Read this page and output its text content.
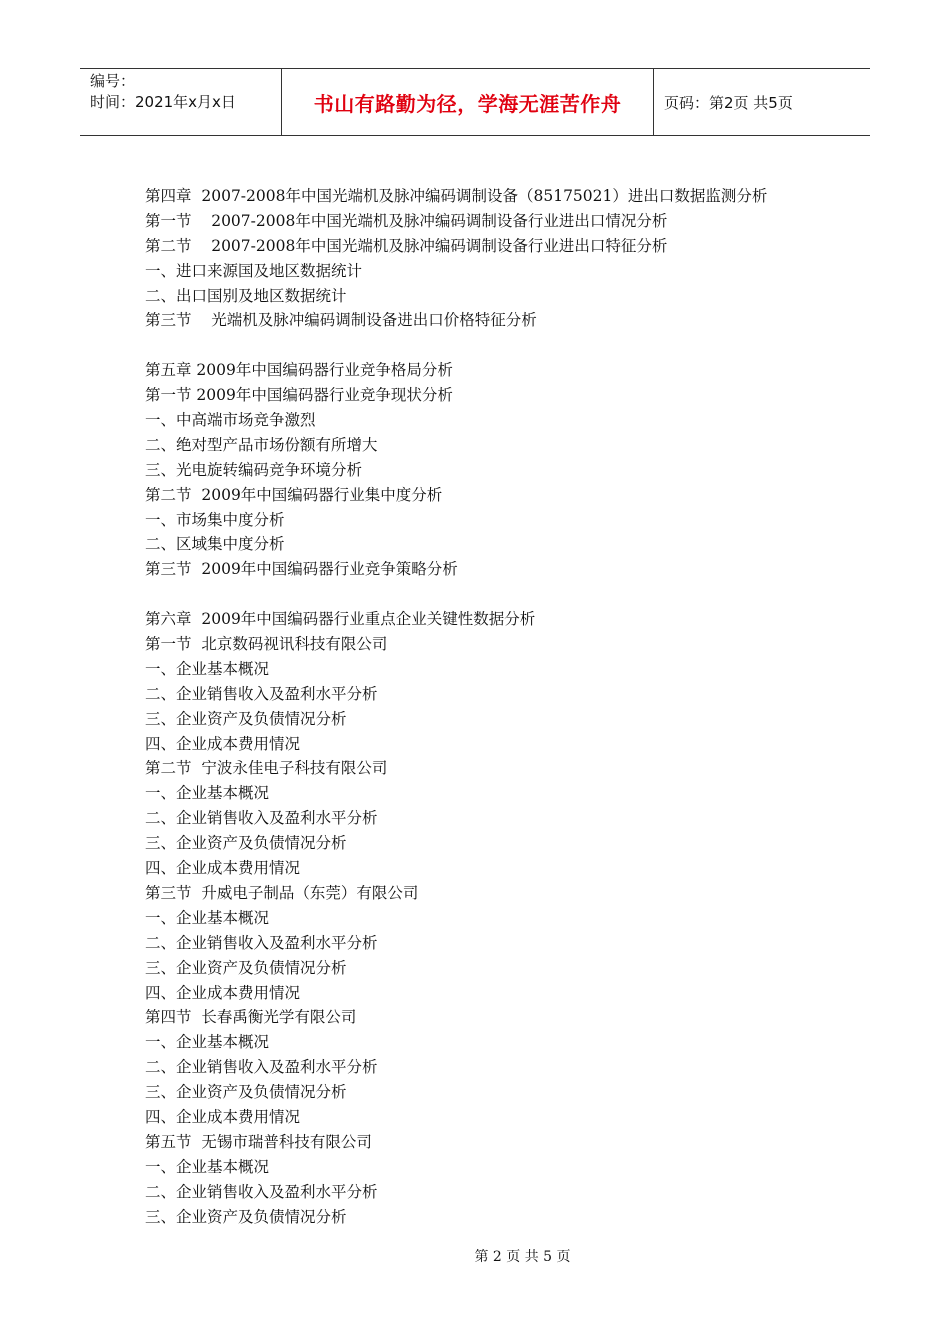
编号：
时间：2021年x月x日	书山有路勤为径，学海无涯苦作舟	页码：第2页 共5页
第四章  2007-2008年中国光端机及脉冲编码调制设备（85175021）进出口数据监测分析
第一节    2007-2008年中国光端机及脉冲编码调制设备行业进出口情况分析
第二节    2007-2008年中国光端机及脉冲编码调制设备行业进出口特征分析
一、进口来源国及地区数据统计
二、出口国别及地区数据统计
第三节    光端机及脉冲编码调制设备进出口价格特征分析
第五章 2009年中国编码器行业竞争格局分析
第一节 2009年中国编码器行业竞争现状分析
一、中高端市场竞争激烈
二、绝对型产品市场份额有所增大
三、光电旋转编码竞争环境分析
第二节  2009年中国编码器行业集中度分析
一、市场集中度分析
二、区域集中度分析
第三节  2009年中国编码器行业竞争策略分析
第六章  2009年中国编码器行业重点企业关键性数据分析
第一节  北京数码视讯科技有限公司
一、企业基本概况
二、企业销售收入及盈利水平分析
三、企业资产及负债情况分析
四、企业成本费用情况
第二节  宁波永佳电子科技有限公司
一、企业基本概况
二、企业销售收入及盈利水平分析
三、企业资产及负债情况分析
四、企业成本费用情况
第三节  升威电子制品（东莞）有限公司
一、企业基本概况
二、企业销售收入及盈利水平分析
三、企业资产及负债情况分析
四、企业成本费用情况
第四节  长春禹衡光学有限公司
一、企业基本概况
二、企业销售收入及盈利水平分析
三、企业资产及负债情况分析
四、企业成本费用情况
第五节  无锡市瑞普科技有限公司
一、企业基本概况
二、企业销售收入及盈利水平分析
三、企业资产及负债情况分析
第 2 页 共 5 页
